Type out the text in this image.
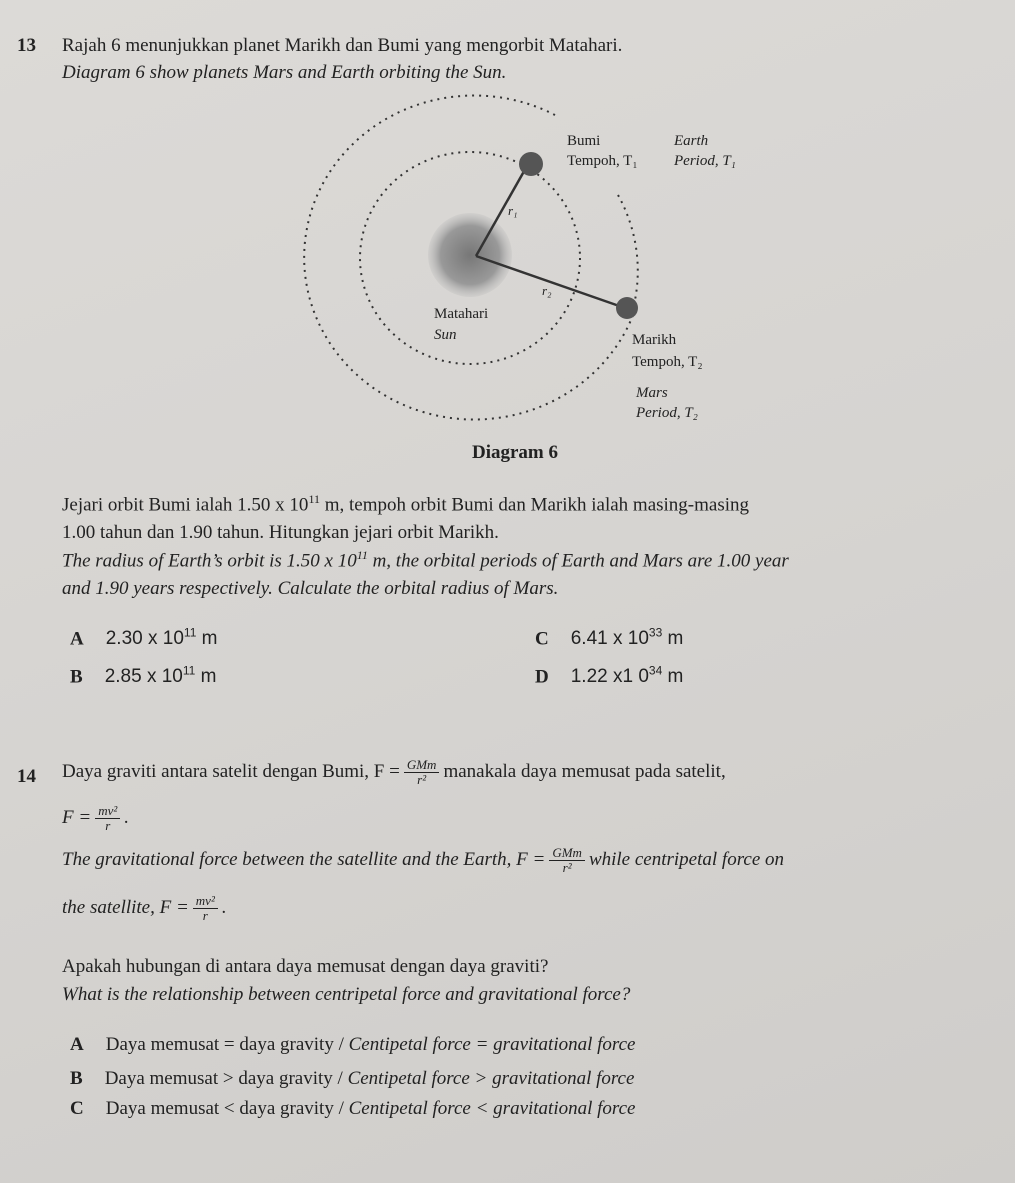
13 Rajah 6 menunjukkan planet Marikh dan Bumi yang mengorbit Matahari.
Diagram 6 show planets Mars and Earth orbiting the Sun.
Bumi
Tempoh, T₁
Earth
Period, T₁
r₁
r₂
Matahari
Sun	Marikh
Tempoh, T₂
Mars
Period, T₂
Diagram 6
Jejari orbit Bumi ialah 1.50 x $10^{11}$ m, tempoh orbit Bumi dan Marikh ialah masing-masing
1.00 tahun dan 1.90 tahun. Hitungkan jejari orbit Marikh.
The radius of Earth’s orbit is 1.50 x $10^{11}$ m, the orbital periods of Earth and Mars are 1.00 year
and 1.90 years respectively. Calculate the orbital radius of Mars.
A 2.30 x $10^{11}$ m
B 2.85 x $10^{11}$ m
C 6.41 x $10^{33}$ m
D 1.22 x1 $0^{34}$ m
14 Daya graviti antara satelit dengan Bumi, $F = \frac{\text{GMm}}{\text{r²}}$ manakala daya memusat pada satelit,
$F = \frac{\text{mv²}}{r}$ .
The gravitational force between the satellite and the Earth, $F = \frac{\text{GMm}}{\text{r²}}$ while centripetal force on
the satellite, $F = \frac{\text{mv²}}{r}$ .
Apakah hubungan di antara daya memusat dengan daya graviti?
What is the relationship between centripetal force and gravitational force?
A Daya memusat = daya gravity / Centipetal force = gravitational force
B Daya memusat > daya gravity / Centipetal force > gravitational force
C Daya memusat < daya gravity / Centipetal force < gravitational force
